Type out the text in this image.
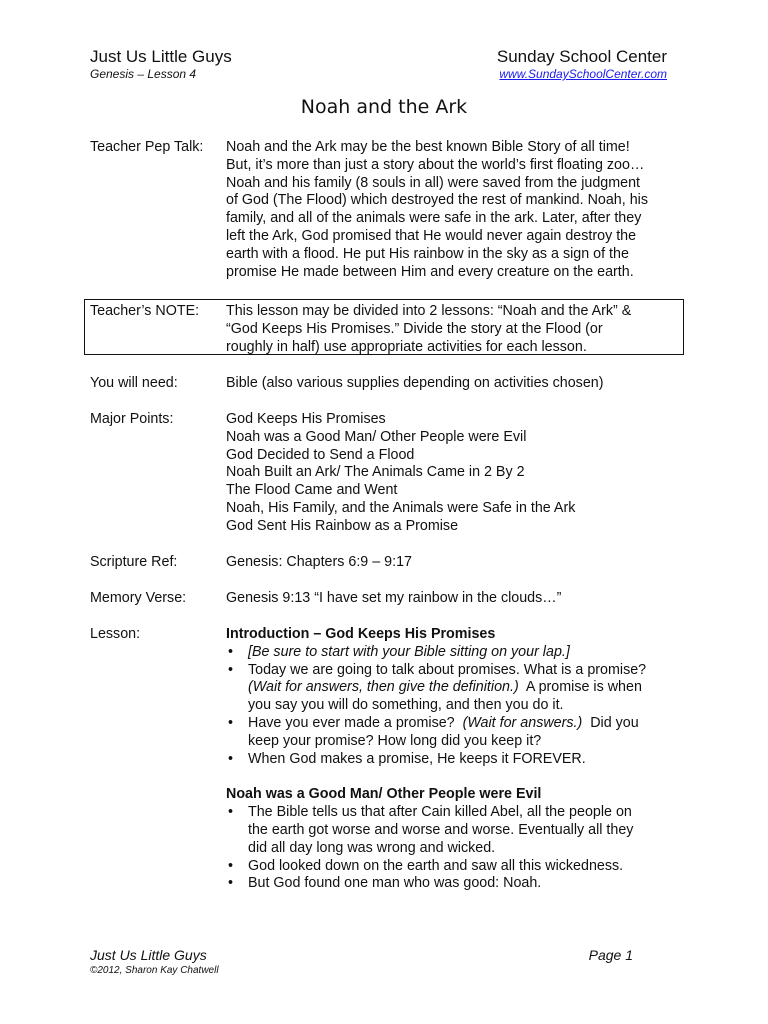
Just Us Little Guys
Genesis – Lesson 4
Sunday School Center
www.SundaySchoolCenter.com
Noah and the Ark
Teacher Pep Talk:	Noah and the Ark may be the best known Bible Story of all time!
But, it’s more than just a story about the world’s first floating zoo…
Noah and his family (8 souls in all) were saved from the judgment
of God (The Flood) which destroyed the rest of mankind. Noah, his
family, and all of the animals were safe in the ark. Later, after they
left the Ark, God promised that He would never again destroy the
earth with a flood. He put His rainbow in the sky as a sign of the
promise He made between Him and every creature on the earth.
Teacher’s NOTE:	This lesson may be divided into 2 lessons: “Noah and the Ark” &
“God Keeps His Promises.” Divide the story at the Flood (or
roughly in half) use appropriate activities for each lesson.
You will need:	Bible (also various supplies depending on activities chosen)
Major Points:	God Keeps His Promises
Noah was a Good Man/ Other People were Evil
God Decided to Send a Flood
Noah Built an Ark/ The Animals Came in 2 By 2
The Flood Came and Went
Noah, His Family, and the Animals were Safe in the Ark
God Sent His Rainbow as a Promise
Scripture Ref:	Genesis: Chapters 6:9 – 9:17
Memory Verse:	Genesis 9:13 “I have set my rainbow in the clouds…”
Lesson:	Introduction – God Keeps His Promises
• [Be sure to start with your Bible sitting on your lap.]
• Today we are going to talk about promises. What is a promise?
(Wait for answers, then give the definition.)  A promise is when
you say you will do something, and then you do it.
• Have you ever made a promise?  (Wait for answers.)  Did you
keep your promise? How long did you keep it?
• When God makes a promise, He keeps it FOREVER.
Noah was a Good Man/ Other People were Evil
• The Bible tells us that after Cain killed Abel, all the people on
the earth got worse and worse and worse. Eventually all they
did all day long was wrong and wicked.
• God looked down on the earth and saw all this wickedness.
• But God found one man who was good: Noah.
Just Us Little Guys
©2012, Sharon Kay Chatwell
Page 1
